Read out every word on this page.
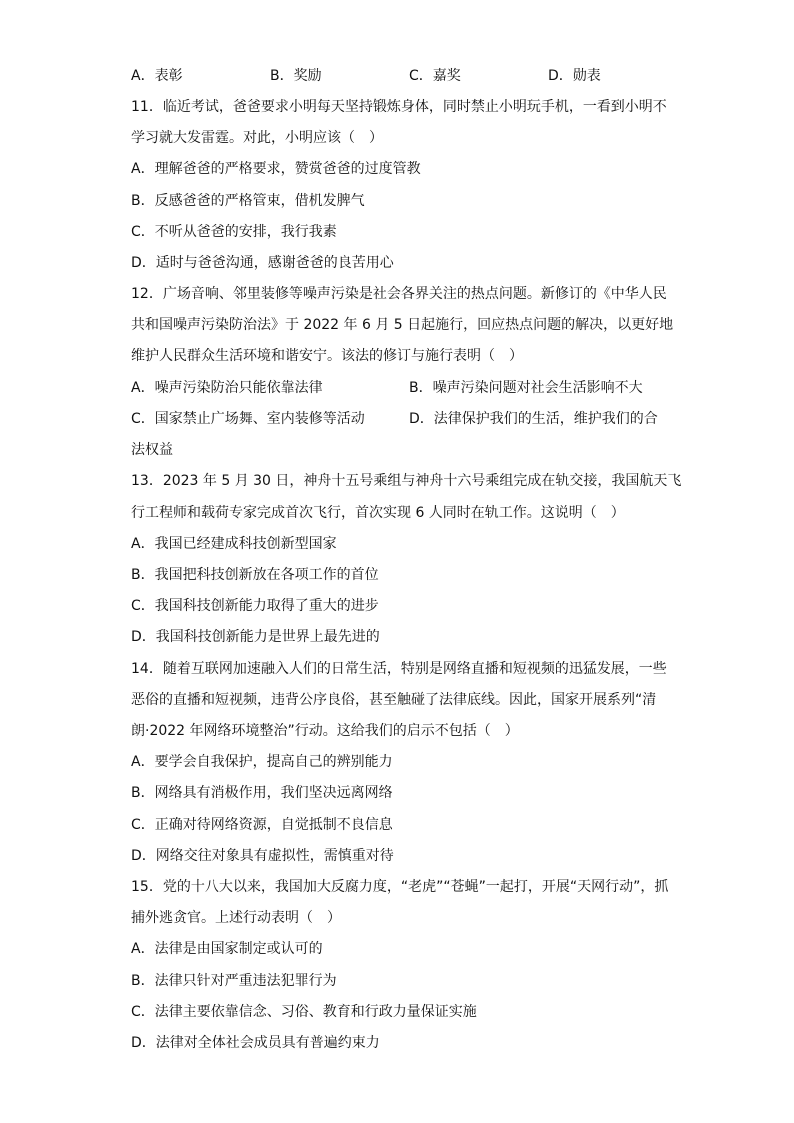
A．表彰	B．奖励	C．嘉奖	D．勋表
11．临近考试，爸爸要求小明每天坚持锻炼身体，同时禁止小明玩手机，一看到小明不
学习就大发雷霆。对此，小明应该（　）
A．理解爸爸的严格要求，赞赏爸爸的过度管教
B．反感爸爸的严格管束，借机发脾气
C．不听从爸爸的安排，我行我素
D．适时与爸爸沟通，感谢爸爸的良苦用心
12．广场音响、邻里装修等噪声污染是社会各界关注的热点问题。新修订的《中华人民
共和国噪声污染防治法》于 2022 年 6 月 5 日起施行，回应热点问题的解决，以更好地
维护人民群众生活环境和谐安宁。该法的修订与施行表明（　）
A．噪声污染防治只能依靠法律	B．噪声污染问题对社会生活影响不大
C．国家禁止广场舞、室内装修等活动	D．法律保护我们的生活，维护我们的合
法权益
13．2023 年 5 月 30 日，神舟十五号乘组与神舟十六号乘组完成在轨交接，我国航天飞
行工程师和载荷专家完成首次飞行，首次实现 6 人同时在轨工作。这说明（　）
A．我国已经建成科技创新型国家
B．我国把科技创新放在各项工作的首位
C．我国科技创新能力取得了重大的进步
D．我国科技创新能力是世界上最先进的
14．随着互联网加速融入人们的日常生活，特别是网络直播和短视频的迅猛发展，一些
恶俗的直播和短视频，违背公序良俗，甚至触碰了法律底线。因此，国家开展系列“清
朗·2022 年网络环境整治”行动。这给我们的启示不包括（　）
A．要学会自我保护，提高自己的辨别能力
B．网络具有消极作用，我们坚决远离网络
C．正确对待网络资源，自觉抵制不良信息
D．网络交往对象具有虚拟性，需慎重对待
15．党的十八大以来，我国加大反腐力度，“老虎”“苍蝇”一起打，开展“天网行动”，抓
捕外逃贪官。上述行动表明（　）
A．法律是由国家制定或认可的
B．法律只针对严重违法犯罪行为
C．法律主要依靠信念、习俗、教育和行政力量保证实施
D．法律对全体社会成员具有普遍约束力
